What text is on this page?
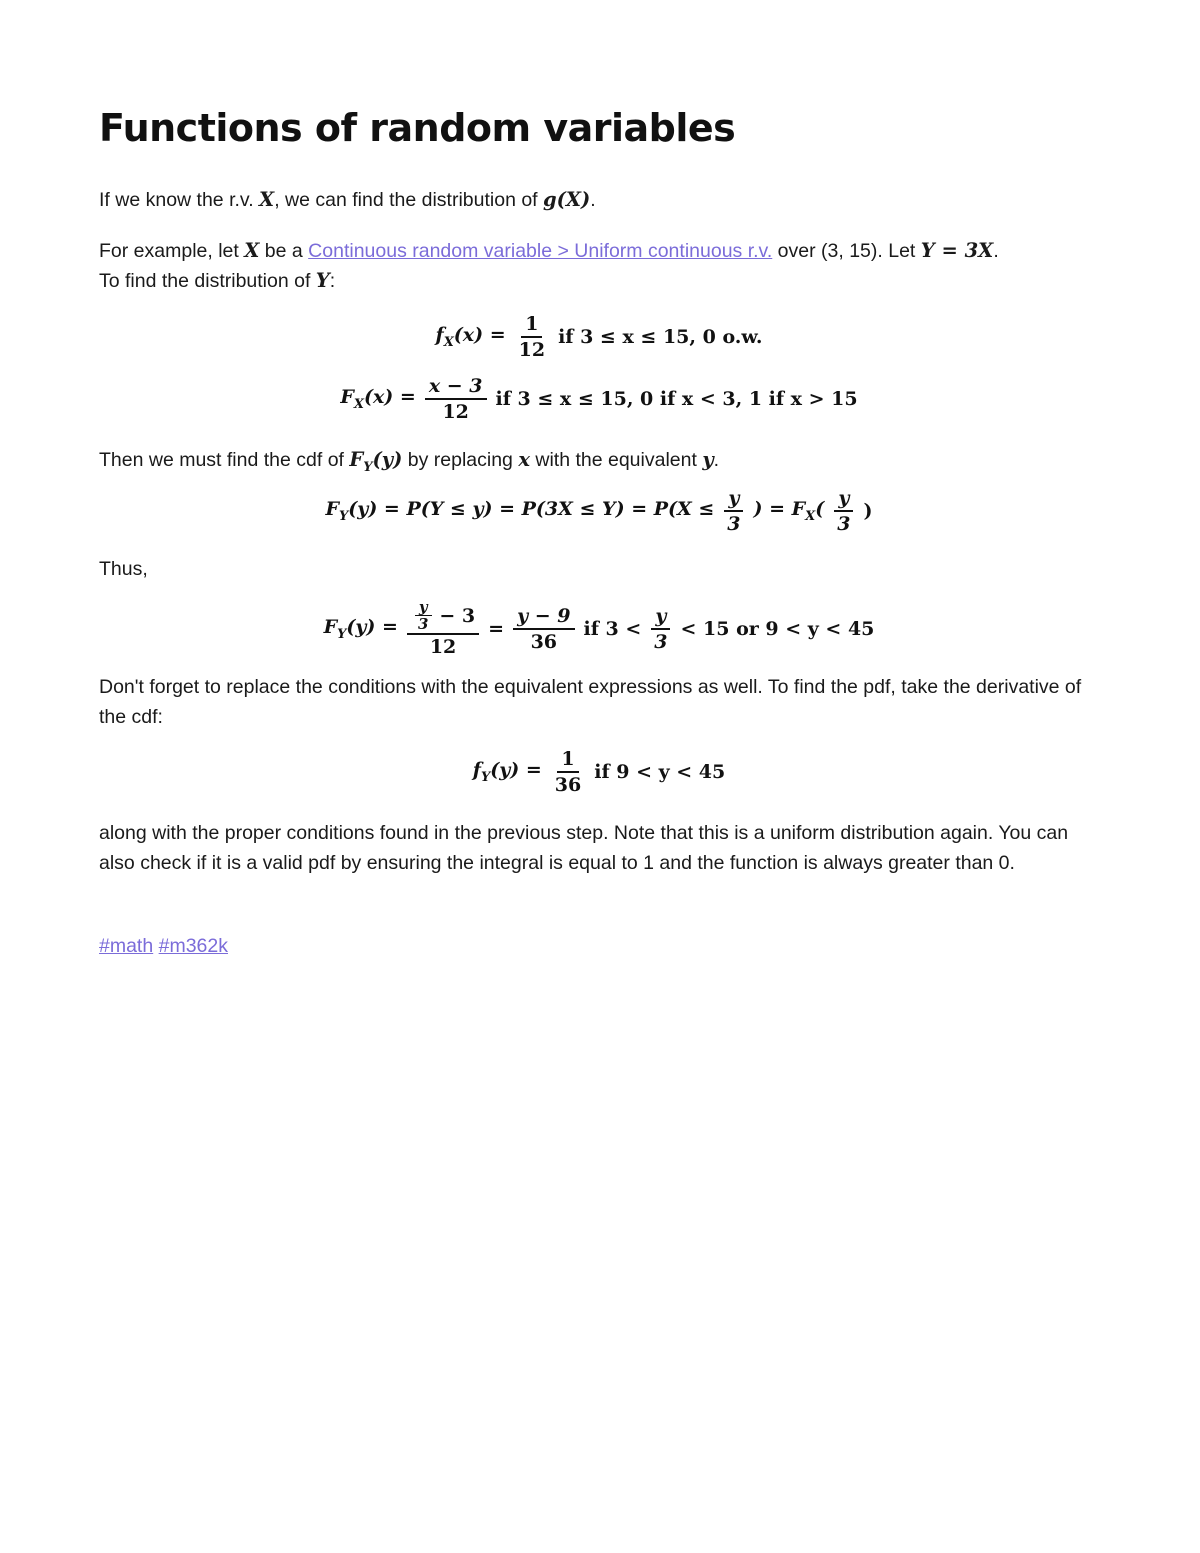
Functions of random variables

If we know the r.v. X, we can find the distribution of g(X).

For example, let X be a Continuous random variable > Uniform continuous r.v. over (3, 15). Let Y = 3X.
To find the distribution of Y:

$f_X(x) = \frac{1}{12}$ if 3 ≤ x ≤ 15, 0 o.w.
$F_X(x) = \frac{x - 3}{12}$ if 3 ≤ x ≤ 15, 0 if x < 3, 1 if x > 15

Then we must find the cdf of $F_Y(y)$ by replacing x with the equivalent y.

$F_Y(y) = P(Y \le y) = P(3X \le Y) = P(X \le \frac{y}{3}$ ) = $F_X( \frac{y}{3}$ )

Thus,

$F_Y(y) = \frac{\frac{y}{3} - 3}{12} = \frac{y - 9}{36}$ if $3 < \frac{y}{3} < 15$ or 9 < y < 45

Don't forget to replace the conditions with the equivalent expressions as well. To find the pdf, take the derivative of the cdf:

$f_Y(y) = \frac{1}{36}$ if 9 < y < 45

along with the proper conditions found in the previous step. Note that this is a uniform distribution again. You can also check if it is a valid pdf by ensuring the integral is equal to 1 and the function is always greater than 0.

#math #m362k
